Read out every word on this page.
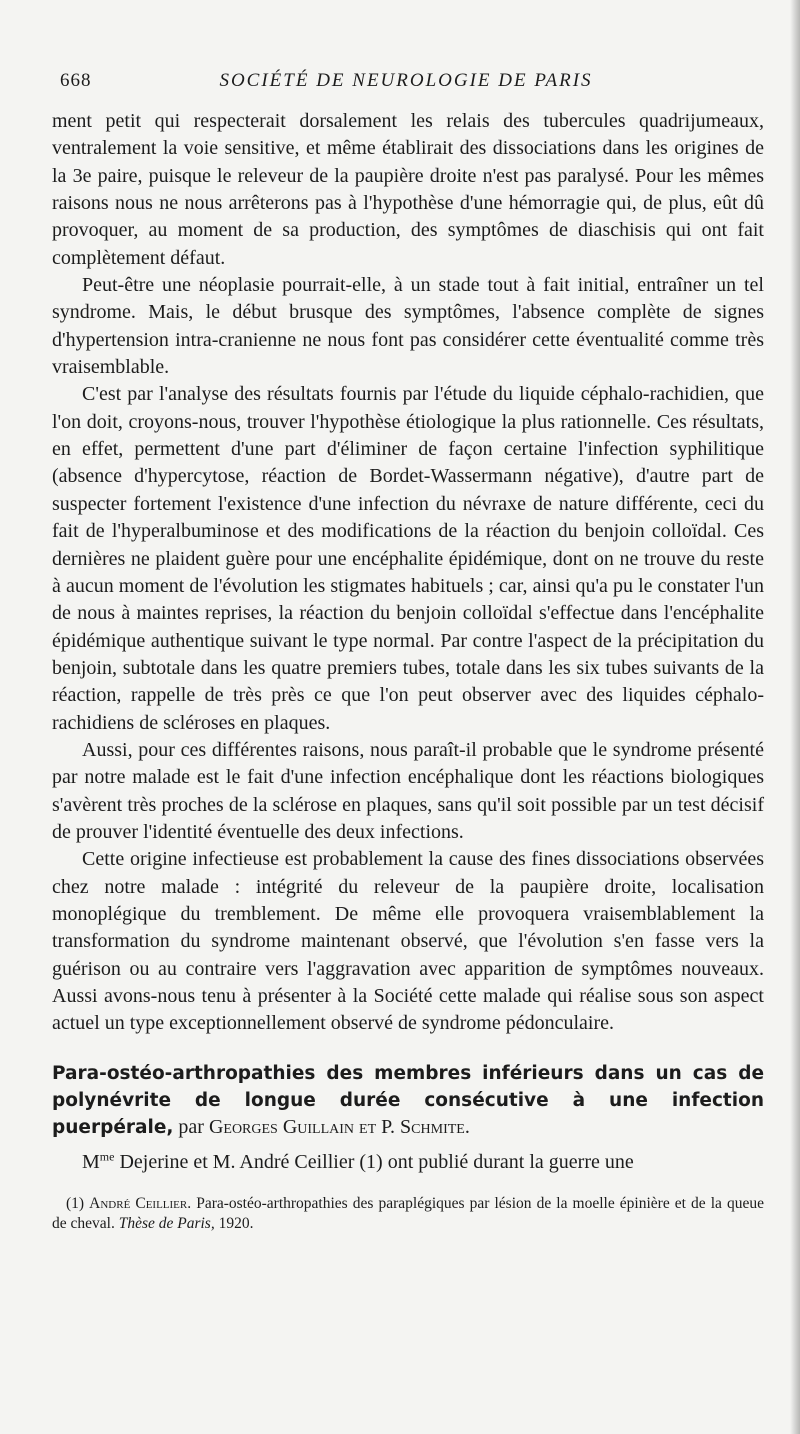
668	SOCIÉTÉ DE NEUROLOGIE DE PARIS

ment petit qui respecterait dorsalement les relais des tubercules quadrijumeaux, ventralement la voie sensitive, et même établirait des dissociations dans les origines de la 3e paire, puisque le releveur de la paupière droite n'est pas paralysé. Pour les mêmes raisons nous ne nous arrêterons pas à l'hypothèse d'une hémorragie qui, de plus, eût dû provoquer, au moment de sa production, des symptômes de diaschisis qui ont fait complètement défaut.

Peut-être une néoplasie pourrait-elle, à un stade tout à fait initial, entraîner un tel syndrome. Mais, le début brusque des symptômes, l'absence complète de signes d'hypertension intra-cranienne ne nous font pas considérer cette éventualité comme très vraisemblable.

C'est par l'analyse des résultats fournis par l'étude du liquide céphalo-rachidien, que l'on doit, croyons-nous, trouver l'hypothèse étiologique la plus rationnelle. Ces résultats, en effet, permettent d'une part d'éliminer de façon certaine l'infection syphilitique (absence d'hypercytose, réaction de Bordet-Wassermann négative), d'autre part de suspecter fortement l'existence d'une infection du névraxe de nature différente, ceci du fait de l'hyperalbuminose et des modifications de la réaction du benjoin colloïdal. Ces dernières ne plaident guère pour une encéphalite épidémique, dont on ne trouve du reste à aucun moment de l'évolution les stigmates habituels ; car, ainsi qu'a pu le constater l'un de nous à maintes reprises, la réaction du benjoin colloïdal s'effectue dans l'encéphalite épidémique authentique suivant le type normal. Par contre l'aspect de la précipitation du benjoin, subtotale dans les quatre premiers tubes, totale dans les six tubes suivants de la réaction, rappelle de très près ce que l'on peut observer avec des liquides céphalo-rachidiens de scléroses en plaques.

Aussi, pour ces différentes raisons, nous paraît-il probable que le syndrome présenté par notre malade est le fait d'une infection encéphalique dont les réactions biologiques s'avèrent très proches de la sclérose en plaques, sans qu'il soit possible par un test décisif de prouver l'identité éventuelle des deux infections.

Cette origine infectieuse est probablement la cause des fines dissociations observées chez notre malade : intégrité du releveur de la paupière droite, localisation monoplégique du tremblement. De même elle provoquera vraisemblablement la transformation du syndrome maintenant observé, que l'évolution s'en fasse vers la guérison ou au contraire vers l'aggravation avec apparition de symptômes nouveaux. Aussi avons-nous tenu à présenter à la Société cette malade qui réalise sous son aspect actuel un type exceptionnellement observé de syndrome pédonculaire.

Para-ostéo-arthropathies des membres inférieurs dans un cas de polynévrite de longue durée consécutive à une infection puerpérale, par Georges Guillain et P. Schmite.

$M^{me}$ Dejerine et M. André Ceillier (1) ont publié durant la guerre une

(1) André Ceillier. Para-ostéo-arthropathies des paraplégiques par lésion de la moelle épinière et de la queue de cheval. Thèse de Paris, 1920.
